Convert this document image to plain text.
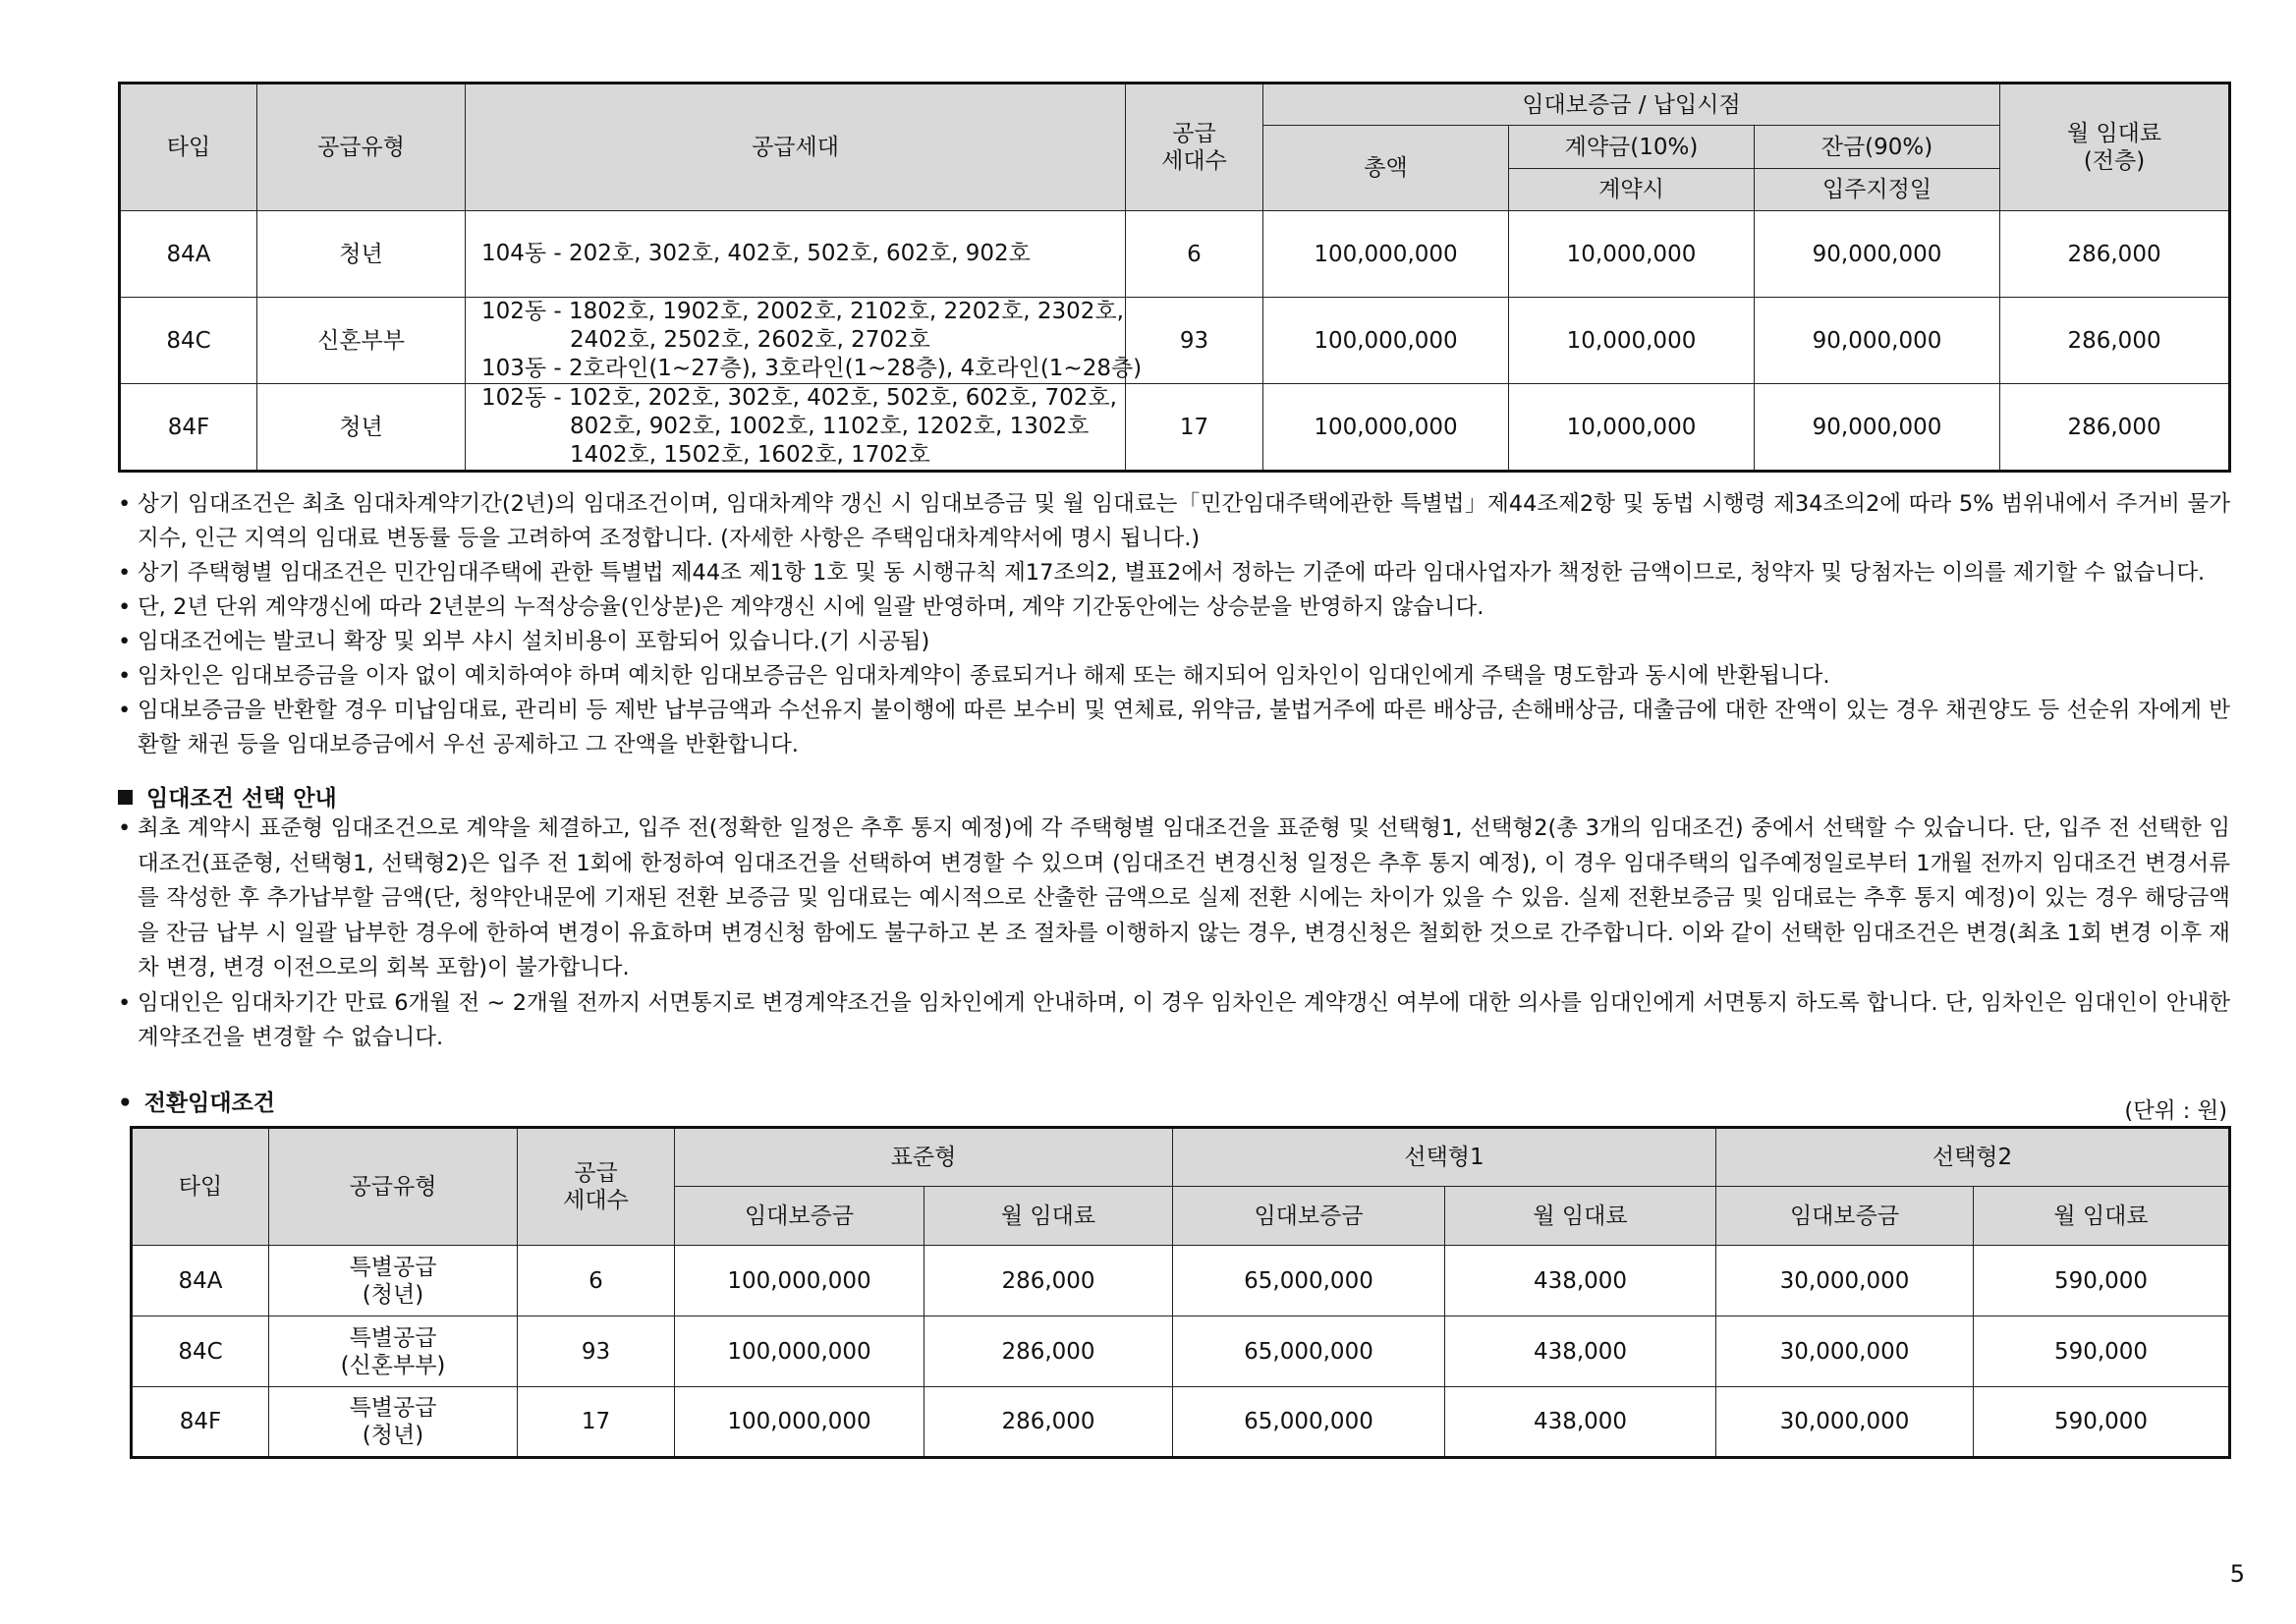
타입	공급유형	공급세대	공급
세대수	임대보증금 / 납입시점			월 임대료
(전층)

				총액	계약금(10%)	잔금(90%)	
					계약시	입주지정일	
84A	청년	104동 - 202호, 302호, 402호, 502호, 602호, 902호	6	100,000,000	10,000,000	90,000,000	286,000
84C	신혼부부	102동 - 1802호, 1902호, 2002호, 2102호, 2202호, 2302호,
2402호, 2502호, 2602호, 2702호
103동 - 2호라인(1~27층), 3호라인(1~28층), 4호라인(1~28층)	93	100,000,000	10,000,000	90,000,000	286,000
84F	청년	102동 - 102호, 202호, 302호, 402호, 502호, 602호, 702호,
802호, 902호, 1002호, 1102호, 1202호, 1302호
1402호, 1502호, 1602호, 1702호	17	100,000,000	10,000,000	90,000,000	286,000
• 상기 임대조건은 최초 임대차계약기간(2년)의 임대조건이며, 임대차계약 갱신 시 임대보증금 및 월 임대료는「민간임대주택에관한 특별법」제44조제2항 및 동법 시행령 제34조의2에 따라 5% 범위내에서 주거비 물가지수, 인근 지역의 임대료 변동률 등을 고려하여 조정합니다. (자세한 사항은 주택임대차계약서에 명시 됩니다.)
• 상기 주택형별 임대조건은 민간임대주택에 관한 특별법 제44조 제1항 1호 및 동 시행규칙 제17조의2, 별표2에서 정하는 기준에 따라 임대사업자가 책정한 금액이므로, 청약자 및 당첨자는 이의를 제기할 수 없습니다.
• 단, 2년 단위 계약갱신에 따라 2년분의 누적상승율(인상분)은 계약갱신 시에 일괄 반영하며, 계약 기간동안에는 상승분을 반영하지 않습니다.
• 임대조건에는 발코니 확장 및 외부 샤시 설치비용이 포함되어 있습니다.(기 시공됨)
• 임차인은 임대보증금을 이자 없이 예치하여야 하며 예치한 임대보증금은 임대차계약이 종료되거나 해제 또는 해지되어 임차인이 임대인에게 주택을 명도함과 동시에 반환됩니다.
• 임대보증금을 반환할 경우 미납임대료, 관리비 등 제반 납부금액과 수선유지 불이행에 따른 보수비 및 연체료, 위약금, 불법거주에 따른 배상금, 손해배상금, 대출금에 대한 잔액이 있는 경우 채권양도 등 선순위 자에게 반환할 채권 등을 임대보증금에서 우선 공제하고 그 잔액을 반환합니다.
임대조건 선택 안내
• 최초 계약시 표준형 임대조건으로 계약을 체결하고, 입주 전(정확한 일정은 추후 통지 예정)에 각 주택형별 임대조건을 표준형 및 선택형1, 선택형2(총 3개의 임대조건) 중에서 선택할 수 있습니다. 단, 입주 전 선택한 임대조건(표준형, 선택형1, 선택형2)은 입주 전 1회에 한정하여 임대조건을 선택하여 변경할 수 있으며 (임대조건 변경신청 일정은 추후 통지 예정), 이 경우 임대주택의 입주예정일로부터 1개월 전까지 임대조건 변경서류를 작성한 후 추가납부할 금액(단, 청약안내문에 기재된 전환 보증금 및 임대료는 예시적으로 산출한 금액으로 실제 전환 시에는 차이가 있을 수 있음. 실제 전환보증금 및 임대료는 추후 통지 예정)이 있는 경우 해당금액을 잔금 납부 시 일괄 납부한 경우에 한하여 변경이 유효하며 변경신청 함에도 불구하고 본 조 절차를 이행하지 않는 경우, 변경신청은 철회한 것으로 간주합니다. 이와 같이 선택한 임대조건은 변경(최초 1회 변경 이후 재차 변경, 변경 이전으로의 회복 포함)이 불가합니다.
• 임대인은 임대차기간 만료 6개월 전 ~ 2개월 전까지 서면통지로 변경계약조건을 임차인에게 안내하며, 이 경우 임차인은 계약갱신 여부에 대한 의사를 임대인에게 서면통지 하도록 합니다. 단, 임차인은 임대인이 안내한 계약조건을 변경할 수 없습니다.
• 전환임대조건	(단위 : 원)
타입	공급유형	공급
세대수	표준형		선택형1		선택형2	
			임대보증금	월 임대료	임대보증금	월 임대료	임대보증금	월 임대료
84A	특별공급
(청년)	6	100,000,000	286,000	65,000,000	438,000	30,000,000	590,000
84C	특별공급
(신혼부부)	93	100,000,000	286,000	65,000,000	438,000	30,000,000	590,000
84F	특별공급
(청년)	17	100,000,000	286,000	65,000,000	438,000	30,000,000	590,000
5
